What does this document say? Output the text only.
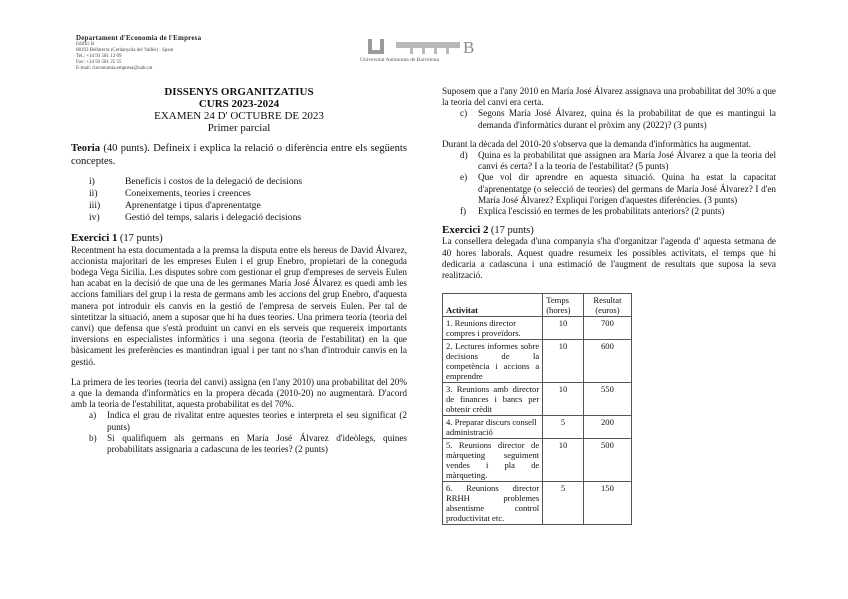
Departament d'Economia de l'Empresa
Edifici B
08193 Bellaterra (Cerdanyola del Vallès) · Spain
Tel.: +34 93 581 12 09
Fax: +34 93 581 25 55
E-mail: d.economia.empresa@uab.cat
B
Universitat Autònoma de Barcelona
DISSENYS ORGANITZATIUS
CURS 2023-2024
EXAMEN 24 D' OCTUBRE DE 2023
Primer parcial
Teoria (40 punts). Defineix i explica la relació o diferència entre els següents conceptes.
i)	Beneficis i costos de la delegació de decisions
ii)	Coneixements, teories i creences
iii)	Aprenentatge i tipus d'aprenentatge
iv)	Gestió del temps, salaris i delegació decisions
Exercici 1 (17 punts)
Recentment ha esta documentada a la premsa la disputa entre els hereus de David Álvarez, accionista majoritari de les empreses Eulen i el grup Enebro, propietari de la coneguda bodega Vega Sicilia. Les disputes sobre com gestionar el grup d'empreses de serveis Eulen han acabat en la decisió de que una de les germanes María José Álvarez es quedi amb les accions familiars del grup i la resta de germans amb les accions del grup Enebro, d'aquesta manera pot introduir els canvis en la gestió de l'empresa de serveis Eulen. Per tal de sintetitzar la situació, anem a suposar que hi ha dues teories. Una primera teoria (teoria del canvi) que defensa que s'està produint un canvi en els serveis que requereix importants inversions en especialistes informàtics i una segona (teoria de l'estabilitat) en la que bàsicament les preferències es mantindran igual i per tant no s'han d'introduir canvis en la gestió.
La primera de les teories (teoria del canvi) assigna (en l'any 2010) una probabilitat del 20% a que la demanda d'informàtics en la propera dècada (2010-20) no augmentarà. D'acord amb la teoria de l'estabilitat, aquesta probabilitat es del 70%.
a)	Indica el grau de rivalitat entre aquestes teories e interpreta el seu significat (2 punts)
b)	Si qualifiquem als germans en María José Álvarez d'ideòlegs, quines probabilitats assignaria a cadascuna de les teories? (2 punts)
Suposem que a l'any 2010 en María José Álvarez assignava una probabilitat del 30% a que la teoria del canvi era certa.
c)	Segons María José Álvarez, quina és la probabilitat de que es mantingui la demanda d'informàtics durant el pròxim any (2022)? (3 punts)
Durant la dècada del 2010-20 s'observa que la demanda d'informàtics ha augmentat.
d)	Quina es la probabilitat que assignen ara María José Álvarez a que la teoria del canvi és certa? I a la teoria de l'estabilitat? (5 punts)
e)	Que vol dir aprendre en aquesta situació. Quina ha estat la capacitat d'aprenentatge (o selecció de teories) del germans de María José Álvarez? I d'en María José Álvarez? Expliqui l'origen d'aquestes diferències. (3 punts)
f)	Explica l'escissió en termes de les probabilitats anteriors? (2 punts)
Exercici 2 (17 punts)
La consellera delegada d'una companyia s'ha d'organitzar l'agenda d' aquesta setmana de 40 hores laborals. Aquest quadre resumeix les possibles activitats, el temps que hi dedicaria a cadascuna i una estimació de l'augment de resultats que suposa la seva realització.
Activitat	Temps (hores)	Resultat (euros)
1. Reunions director compres i proveïdors.	10	700
2. Lectures informes sobre decisions de la competència i accions a emprendre	10	600
3. Reunions amb director de finances i bancs per obtenir crèdit	10	550
4. Preparar discurs consell administració	5	200
5. Reunions director de màrqueting seguiment vendes i pla de màrqueting.	10	500
6. Reunions director RRHH problemes absentisme control productivitat etc.	5	150
